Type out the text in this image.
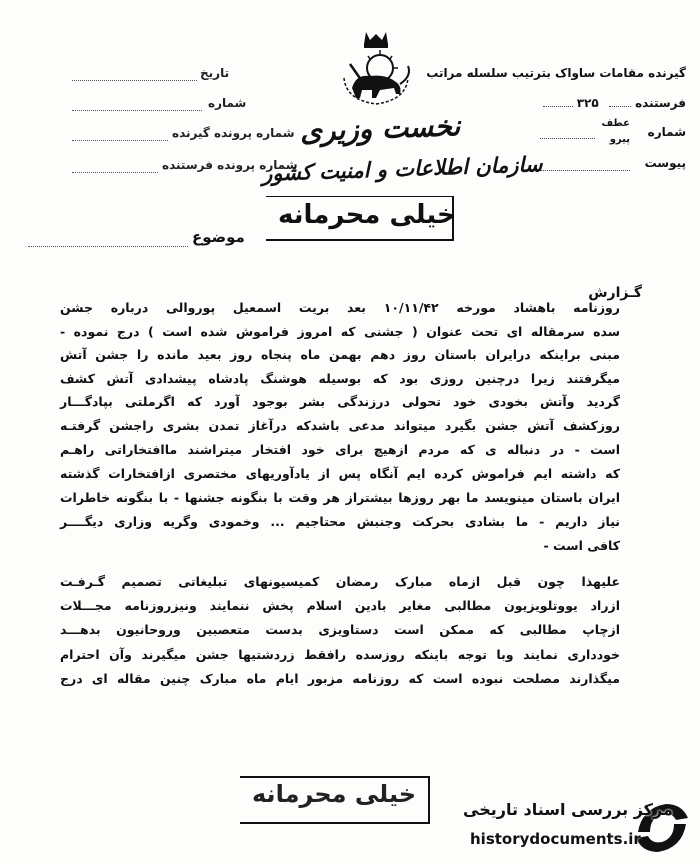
گیرنده مقامات ساواک بترتیب سلسله مراتب
فرستنده  ۳۲۵
شماره
عطف
پیرو
پیوست
تاریخ
شماره
شماره پرونده گیرنده
شماره پرونده فرستنده
نخست وزیری
سازمان اطلاعات و امنیت کشور
خیلی محرمانه
موضوع
گـزارش
روزنامه باهشاد مورخه ۱۰/۱۱/۴۲ بعد بریت اسمعیل پوروالی درباره جشن
سده سرمقاله ای تحت عنوان ( جشنی که امروز فراموش شده است ) درج نموده -
مبنی براینکه درایران باستان روز دهم بهمن ماه پنجاه روز بعید مانده را جشن آتش
میگرفتند زیرا درچنین روزی بود که بوسیله هوشنگ پادشاه پیشدادی آتش کشف
گردید وآتش بخودی خود تحولی درزندگی بشر بوجود آورد که اگرملتی بپادگـــار
روزکشف آتش جشن بگیرد میتواند مدعی باشدکه درآغاز تمدن بشری راجشن گرفتـه
است - در دنباله ی که مردم ازهیچ برای خود افتخار میتراشند ماافتخاراتی راهـم
که داشته ایم فراموش کرده ایم آنگاه پس از یادآوریهای مختصری ازافتخارات گذشته
ایران باستان مینویسد ما بهر روزها بیشتراز هر وقت با بنگونه جشنها - با بنگونه خاطرات
نیاز داریم - ما بشادی بحرکت وجنبش محتاجیم ... وخمودی وگریه وزاری دیگــــر
کافی است -
علیهذا چون قبل ازماه مبارک رمضان کمیسیونهای تبلیغاتی تصمیم گـرفـت
ازراد یووتلویزیون مطالبی مغایر بادین اسلام پخش ننمایند ونیزروزنامه مجـــلات
ازچاپ مطالبی که ممکن است دستاویزی بدست متعصبین وروحانیون بدهـــد
خودداری نمایند وبا توجه باینکه روزسده رافقط زردشتیها جشن میگیرند وآن احترام
میگذارند مصلحت نبوده است که روزنامه مزبور ایام ماه مبارک چنین مقاله ای درج
خیلی محرمانه
مرکز بررسی اسناد تاریخی
historydocuments.ir
